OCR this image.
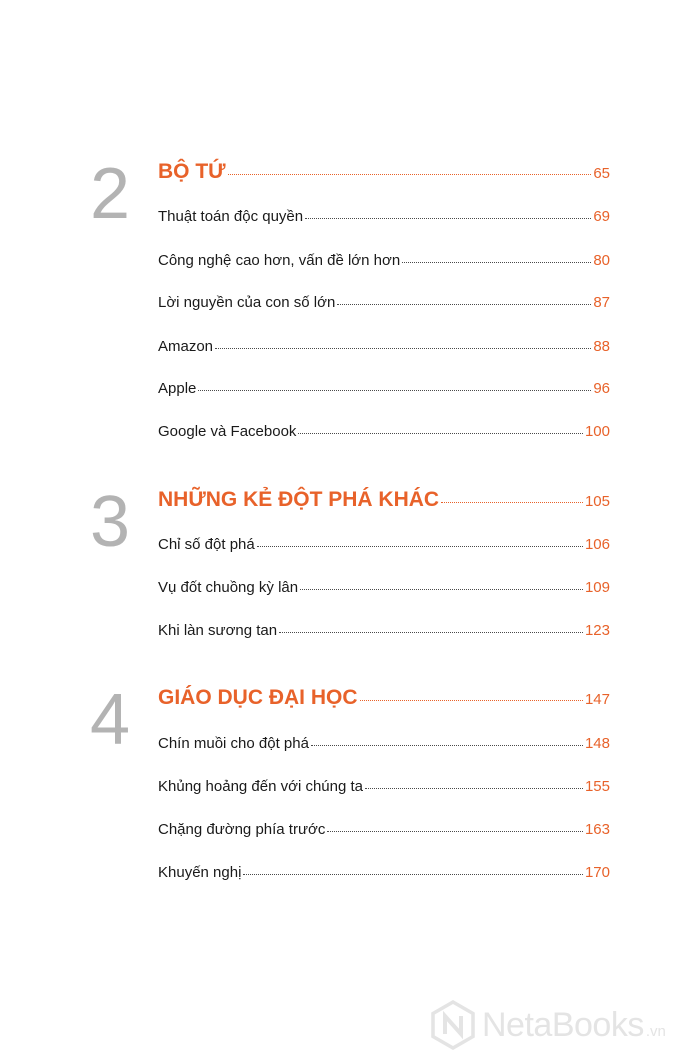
2 BỘ TỨ	65
Thuật toán độc quyền	69
Công nghệ cao hơn, vấn đề lớn hơn	80
Lời nguyền của con số lớn	87
Amazon	88
Apple	96
Google và Facebook	100
3 NHỮNG KẺ ĐỘT PHÁ KHÁC	105
Chỉ số đột phá	106
Vụ đốt chuồng kỳ lân	109
Khi làn sương tan	123
4 GIÁO DỤC ĐẠI HỌC	147
Chín muồi cho đột phá	148
Khủng hoảng đến với chúng ta	155
Chặng đường phía trước	163
Khuyến nghị	170
NetaBooks .vn
